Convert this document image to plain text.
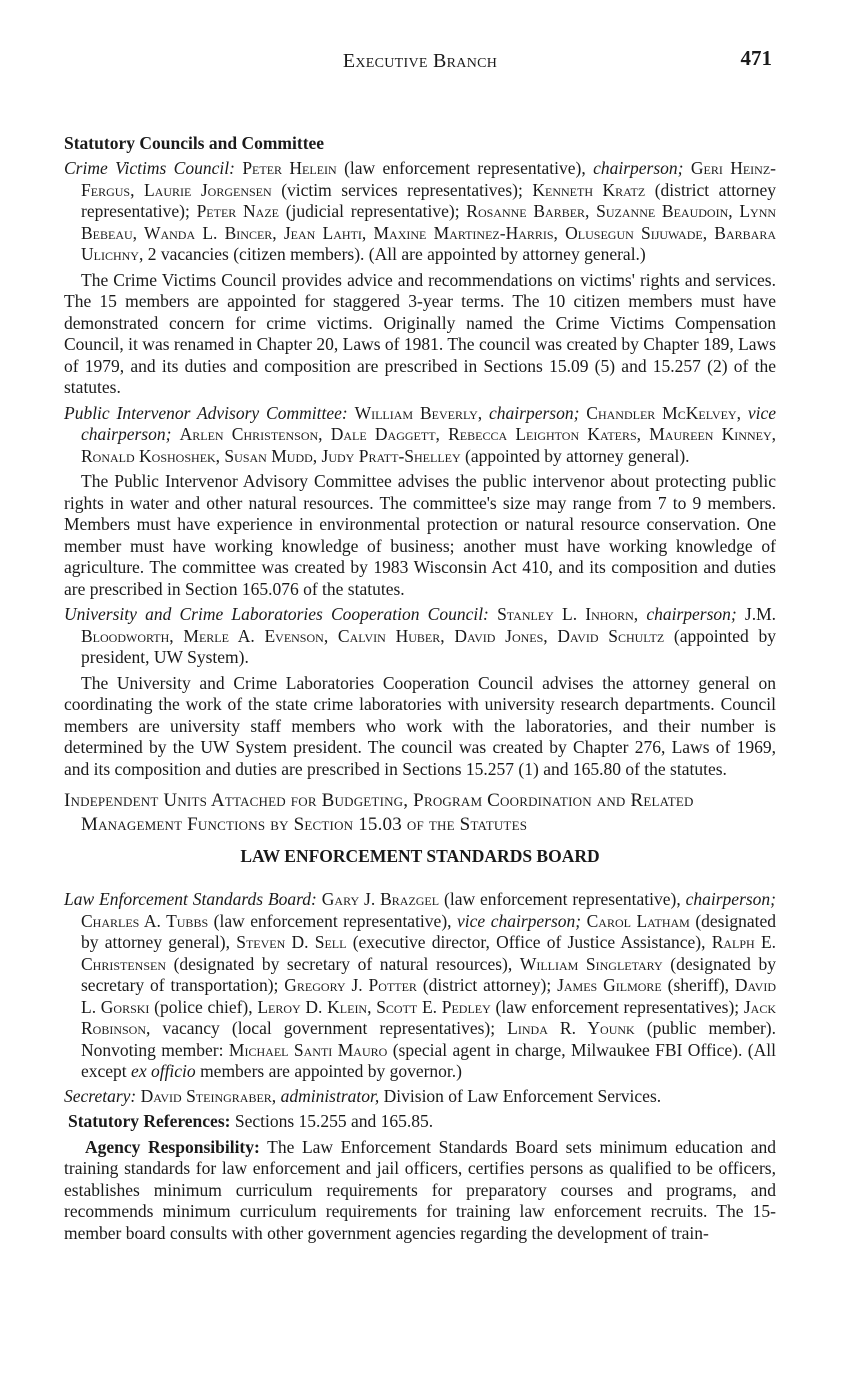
Executive Branch	471
Statutory Councils and Committee
Crime Victims Council: Peter Helein (law enforcement representative), chairperson; Geri Heinz-Fergus, Laurie Jorgensen (victim services representatives); Kenneth Kratz (district attorney representative); Peter Naze (judicial representative); Rosanne Barber, Suzanne Beaudoin, Lynn Bebeau, Wanda L. Bincer, Jean Lahti, Maxine Martinez-Harris, Olusegun Sijuwade, Barbara Ulichny, 2 vacancies (citizen members). (All are appointed by attorney general.)
The Crime Victims Council provides advice and recommendations on victims' rights and services. The 15 members are appointed for staggered 3-year terms. The 10 citizen members must have demonstrated concern for crime victims. Originally named the Crime Victims Compensation Council, it was renamed in Chapter 20, Laws of 1981. The council was created by Chapter 189, Laws of 1979, and its duties and composition are prescribed in Sections 15.09 (5) and 15.257 (2) of the statutes.
Public Intervenor Advisory Committee: William Beverly, chairperson; Chandler McKelvey, vice chairperson; Arlen Christenson, Dale Daggett, Rebecca Leighton Katers, Maureen Kinney, Ronald Koshoshek, Susan Mudd, Judy Pratt-Shelley (appointed by attorney general).
The Public Intervenor Advisory Committee advises the public intervenor about protecting public rights in water and other natural resources. The committee's size may range from 7 to 9 members. Members must have experience in environmental protection or natural resource conservation. One member must have working knowledge of business; another must have working knowledge of agriculture. The committee was created by 1983 Wisconsin Act 410, and its composition and duties are prescribed in Section 165.076 of the statutes.
University and Crime Laboratories Cooperation Council: Stanley L. Inhorn, chairperson; J.M. Bloodworth, Merle A. Evenson, Calvin Huber, David Jones, David Schultz (appointed by president, UW System).
The University and Crime Laboratories Cooperation Council advises the attorney general on coordinating the work of the state crime laboratories with university research departments. Council members are university staff members who work with the laboratories, and their number is determined by the UW System president. The council was created by Chapter 276, Laws of 1969, and its composition and duties are prescribed in Sections 15.257 (1) and 165.80 of the statutes.
Independent Units Attached for Budgeting, Program Coordination and Related Management Functions by Section 15.03 of the Statutes
LAW ENFORCEMENT STANDARDS BOARD
Law Enforcement Standards Board: Gary J. Brazgel (law enforcement representative), chairperson; Charles A. Tubbs (law enforcement representative), vice chairperson; Carol Latham (designated by attorney general), Steven D. Sell (executive director, Office of Justice Assistance), Ralph E. Christensen (designated by secretary of natural resources), William Singletary (designated by secretary of transportation); Gregory J. Potter (district attorney); James Gilmore (sheriff), David L. Gorski (police chief), Leroy D. Klein, Scott E. Pedley (law enforcement representatives); Jack Robinson, vacancy (local government representatives); Linda R. Younk (public member). Nonvoting member: Michael Santi Mauro (special agent in charge, Milwaukee FBI Office). (All except ex officio members are appointed by governor.)
Secretary: David Steingraber, administrator, Division of Law Enforcement Services.
Statutory References: Sections 15.255 and 165.85.
Agency Responsibility: The Law Enforcement Standards Board sets minimum education and training standards for law enforcement and jail officers, certifies persons as qualified to be officers, establishes minimum curriculum requirements for preparatory courses and programs, and recommends minimum curriculum requirements for training law enforcement recruits. The 15-member board consults with other government agencies regarding the development of train-
